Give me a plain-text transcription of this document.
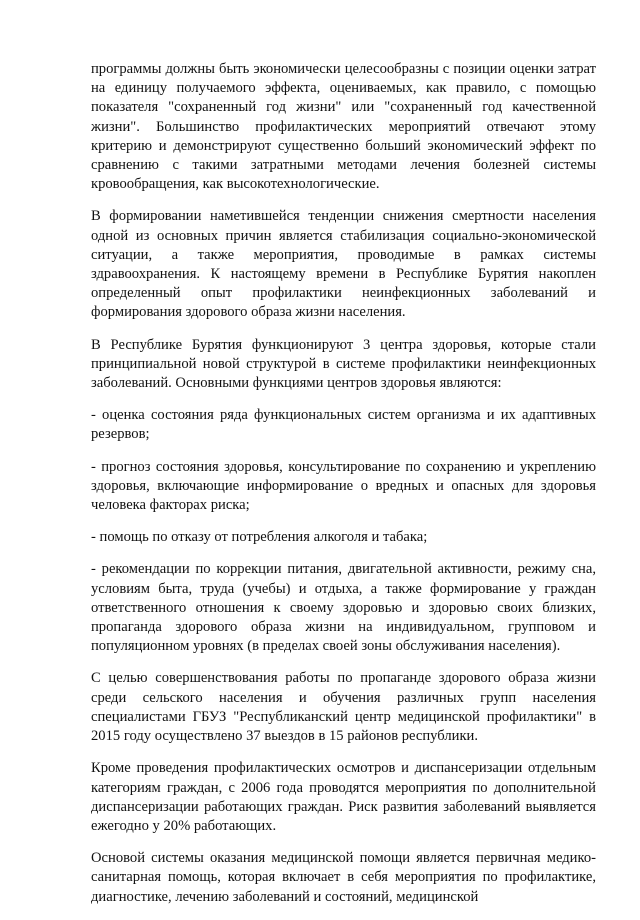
программы должны быть экономически целесообразны с позиции оценки затрат на единицу получаемого эффекта, оцениваемых, как правило, с помощью показателя "сохраненный год жизни" или "сохраненный год качественной жизни". Большинство профилактических мероприятий отвечают этому критерию и демонстрируют существенно больший экономический эффект по сравнению с такими затратными методами лечения болезней системы кровообращения, как высокотехнологические.

В формировании наметившейся тенденции снижения смертности населения одной из основных причин является стабилизация социально-экономической ситуации, а также мероприятия, проводимые в рамках системы здравоохранения. К настоящему времени в Республике Бурятия накоплен определенный опыт профилактики неинфекционных заболеваний и формирования здорового образа жизни населения.

В Республике Бурятия функционируют 3 центра здоровья, которые стали принципиальной новой структурой в системе профилактики неинфекционных заболеваний. Основными функциями центров здоровья являются:

- оценка состояния ряда функциональных систем организма и их адаптивных резервов;

- прогноз состояния здоровья, консультирование по сохранению и укреплению здоровья, включающие информирование о вредных и опасных для здоровья человека факторах риска;

- помощь по отказу от потребления алкоголя и табака;

- рекомендации по коррекции питания, двигательной активности, режиму сна, условиям быта, труда (учебы) и отдыха, а также формирование у граждан ответственного отношения к своему здоровью и здоровью своих близких, пропаганда здорового образа жизни на индивидуальном, групповом и популяционном уровнях (в пределах своей зоны обслуживания населения).

С целью совершенствования работы по пропаганде здорового образа жизни среди сельского населения и обучения различных групп населения специалистами ГБУЗ "Республиканский центр медицинской профилактики" в 2015 году осуществлено 37 выездов в 15 районов республики.

Кроме проведения профилактических осмотров и диспансеризации отдельным категориям граждан, с 2006 года проводятся мероприятия по дополнительной диспансеризации работающих граждан. Риск развития заболеваний выявляется ежегодно у 20% работающих.

Основой системы оказания медицинской помощи является первичная медико-санитарная помощь, которая включает в себя мероприятия по профилактике, диагностике, лечению заболеваний и состояний, медицинской
